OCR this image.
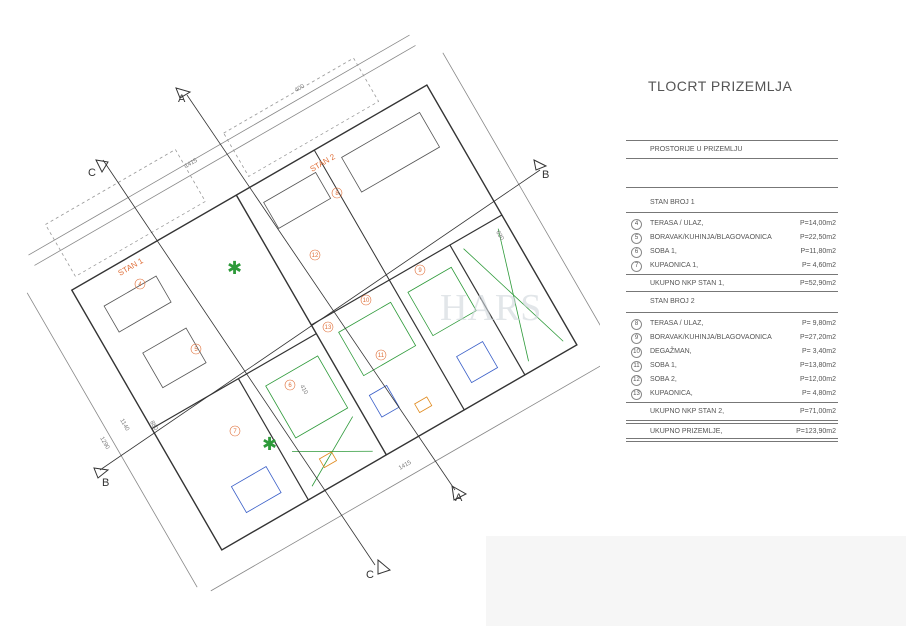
A
A
B
B
C
C
STAN 1
STAN 2
1415
400
1415
630
1140
1290
410
880
4
5
6
7
8
9
10
11
12
13
✱
✱
HARS
TLOCRT PRIZEMLJA
PROSTORIJE U PRIZEMLJU
STAN BROJ 1
4	TERASA / ULAZ,	P=14,00m2
5	BORAVAK/KUHINJA/BLAGOVAONICA	P=22,50m2
6	SOBA 1,	P=11,80m2
7	KUPAONICA 1,	P= 4,60m2
UKUPNO NKP STAN 1,	P=52,90m2
STAN BROJ 2
8	TERASA / ULAZ,	P= 9,80m2
9	BORAVAK/KUHINJA/BLAGOVAONICA	P=27,20m2
10	DEGAŽMAN,	P= 3,40m2
11	SOBA 1,	P=13,80m2
12	SOBA 2,	P=12,00m2
13	KUPAONICA,	P= 4,80m2
UKUPNO NKP STAN 2,	P=71,00m2
UKUPNO PRIZEMLJE,	P=123,90m2
